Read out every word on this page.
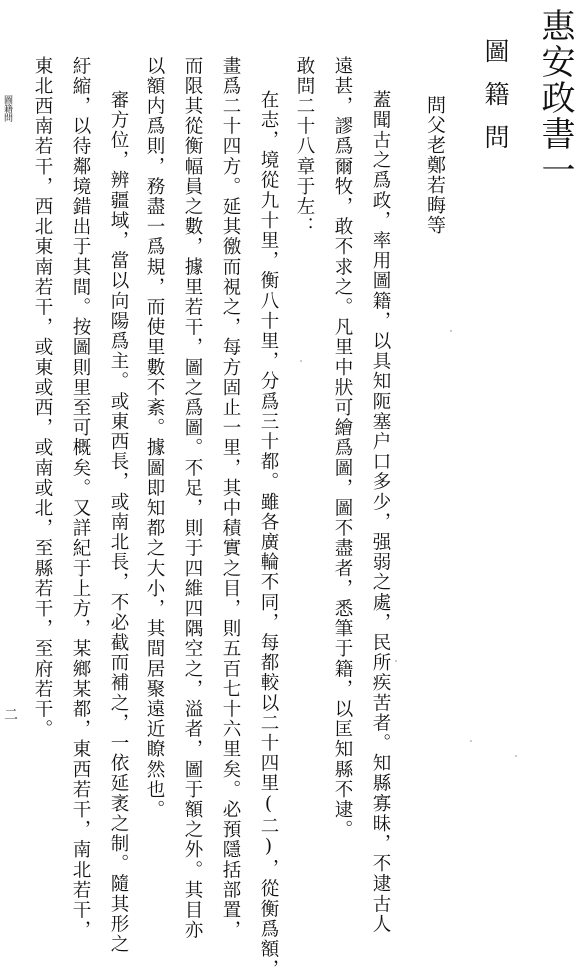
惠安政書一
圖籍問
問父老鄭若晦等
蓋聞古之爲政，率用圖籍，以具知阨塞户口多少，强弱之處，民所疾苦者。知縣寡昧，不逮古人
遠甚，謬爲爾牧，敢不求之。凡里中狀可繪爲圖，圖不盡者，悉筆于籍，以匡知縣不逮。
敢問二十八章于左：
在志，境從九十里，衡八十里，分爲三十都。雖各廣輪不同，每都較以二十四里(二)，從衡爲額，
畫爲二十四方。延其徼而視之，每方固止一里，其中積實之目，則五百七十六里矣。必預隱括部置，
而限其從衡幅員之數，據里若干，圖之爲圖。不足，則于四維四隅空之，溢者，圖于額之外。其目亦
以額内爲則，務盡一爲規，而使里數不紊。據圖即知都之大小，其間居聚遠近瞭然也。
審方位，辨疆域，當以向陽爲主。或東西長，或南北長，不必截而補之，一依延袤之制。隨其形之
紆縮，以待鄰境錯出于其間。按圖則里至可概矣。又詳紀于上方，某鄉某都，東西若干，南北若干，
東北西南若干，西北東南若干，或東或西，或南或北，至縣若干，至府若干。
圖籍問
二
